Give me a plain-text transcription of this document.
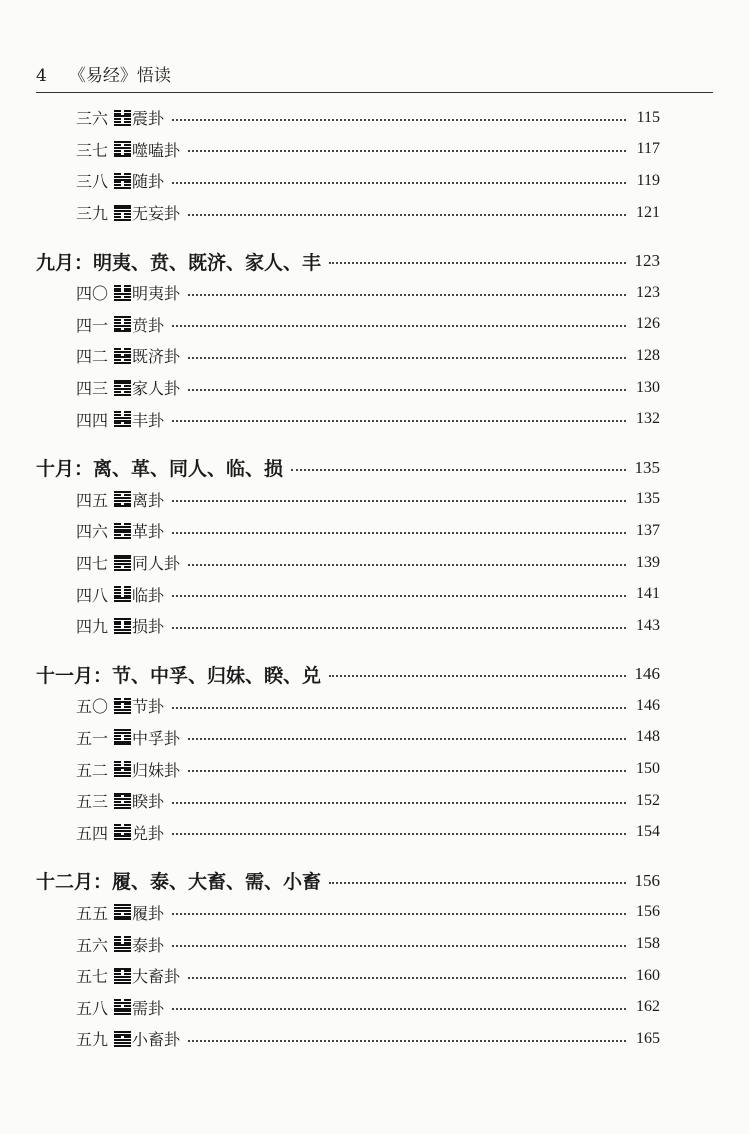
4 《易经》悟读
三六 震卦	115
三七 噬嗑卦	117
三八 随卦	119
三九 无妄卦	121
九月：明夷、贲、既济、家人、丰	123
四〇 明夷卦	123
四一 贲卦	126
四二 既济卦	128
四三 家人卦	130
四四 丰卦	132
十月：离、革、同人、临、损	135
四五 离卦	135
四六 革卦	137
四七 同人卦	139
四八 临卦	141
四九 损卦	143
十一月：节、中孚、归妹、睽、兑	146
五〇 节卦	146
五一 中孚卦	148
五二 归妹卦	150
五三 睽卦	152
五四 兑卦	154
十二月：履、泰、大畜、需、小畜	156
五五 履卦	156
五六 泰卦	158
五七 大畜卦	160
五八 需卦	162
五九 小畜卦	165
